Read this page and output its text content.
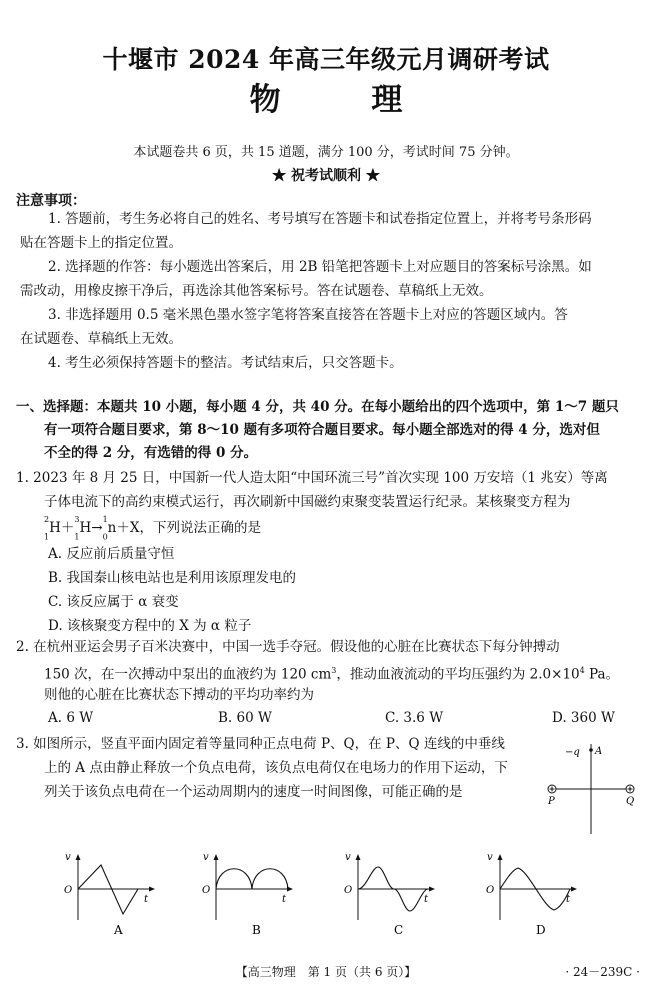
十堰市 2024 年高三年级元月调研考试
物 理
本试题卷共 6 页，共 15 道题，满分 100 分，考试时间 75 分钟。
★ 祝考试顺利 ★
注意事项：
1. 答题前，考生务必将自己的姓名、考号填写在答题卡和试卷指定位置上，并将考号条形码
贴在答题卡上的指定位置。
2. 选择题的作答：每小题选出答案后，用 2B 铅笔把答题卡上对应题目的答案标号涂黑。如
需改动，用橡皮擦干净后，再选涂其他答案标号。答在试题卷、草稿纸上无效。
3. 非选择题用 0.5 毫米黑色墨水签字笔将答案直接答在答题卡上对应的答题区域内。答
在试题卷、草稿纸上无效。
4. 考生必须保持答题卡的整洁。考试结束后，只交答题卡。
一、选择题：本题共 10 小题，每小题 4 分，共 40 分。在每小题给出的四个选项中，第 1～7 题只
有一项符合题目要求，第 8～10 题有多项符合题目要求。每小题全部选对的得 4 分，选对但
不全的得 2 分，有选错的得 0 分。
1. 2023 年 8 月 25 日，中国新一代人造太阳“中国环流三号”首次实现 100 万安培（1 兆安）等离
子体电流下的高约束模式运行，再次刷新中国磁约束聚变装置运行纪录。某核聚变方程为
$^2$
$_1$H＋$^3$
$_1$H→$^1$
$_0$n＋X，下列说法正确的是
A. 反应前后质量守恒
B. 我国秦山核电站也是利用该原理发电的
C. 该反应属于 α 衰变
D. 该核聚变方程中的 X 为 α 粒子
2. 在杭州亚运会男子百米决赛中，中国一选手夺冠。假设他的心脏在比赛状态下每分钟搏动
150 次，在一次搏动中泵出的血液约为 120 $cm^3$，推动血液流动的平均压强约为 $2.0\times 10^4$ Pa。
则他的心脏在比赛状态下搏动的平均功率约为
A. 6 W	B. 60 W	C. 3.6 W	D. 360 W
3. 如图所示，竖直平面内固定着等量同种正点电荷 P、Q，在 P、Q 连线的中垂线
上的 A 点由静止释放一个负点电荷，该负点电荷仅在电场力的作用下运动，下
列关于该负点电荷在一个运动周期内的速度一时间图像，可能正确的是
−q A
P	Q
v
O
t
A
v
O
t
B
v
O
t
C
v
O
t
D
【高三物理　第 1 页（共 6 页）】	· 24－239C ·
